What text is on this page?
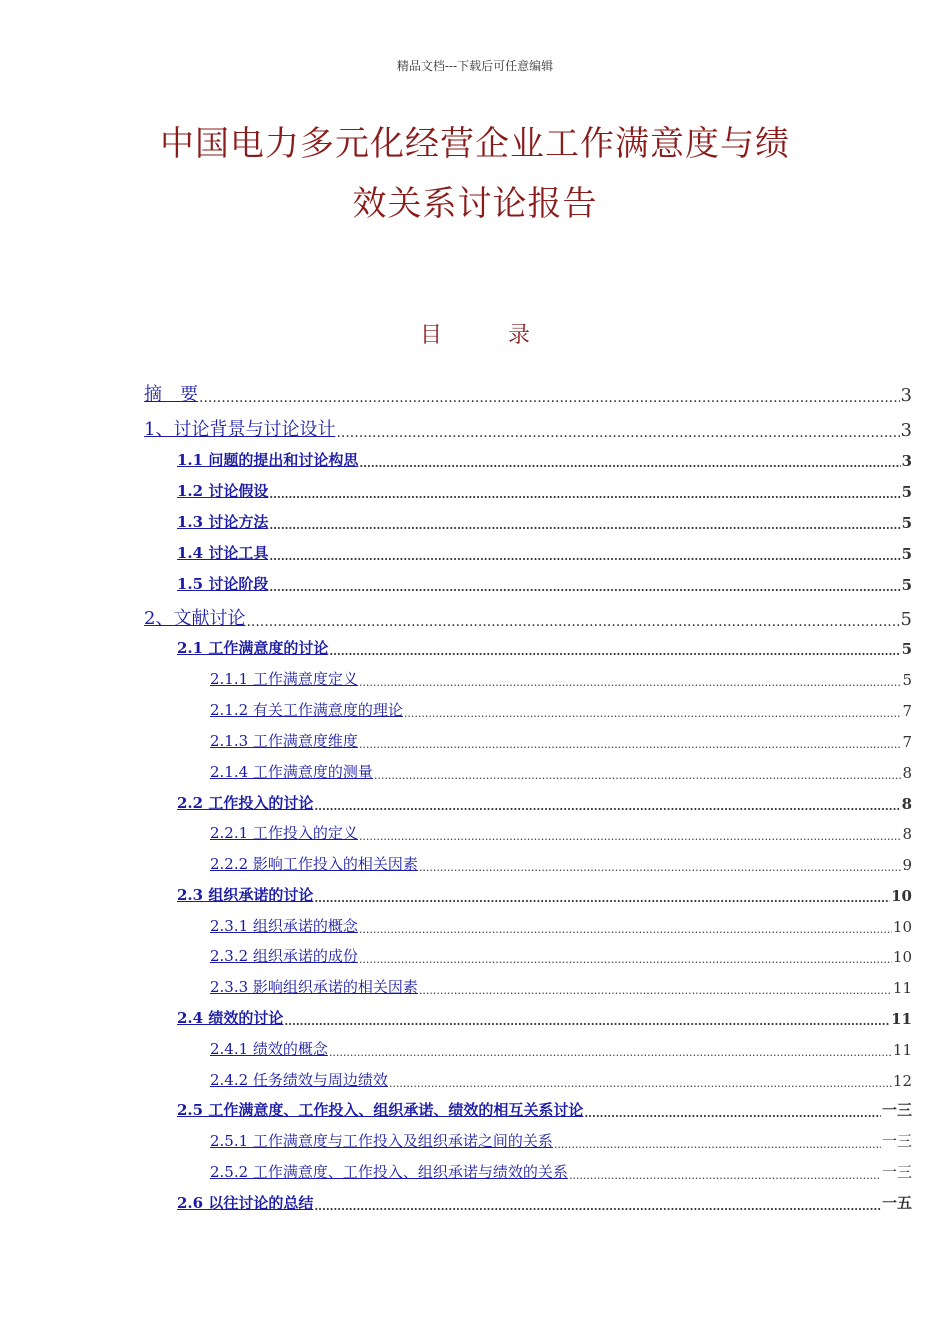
精品文档---下载后可任意编辑
中国电力多元化经营企业工作满意度与绩
效关系讨论报告
目　录
摘　要 .....	3
1、讨论背景与讨论设计 .....	3
1.1 问题的提出和讨论构思 .....	3
1.2 讨论假设 .....	5
1.3 讨论方法 .....	5
1.4 讨论工具 .....	5
1.5 讨论阶段 .....	5
2、文献讨论 .....	5
2.1 工作满意度的讨论 .....	5
2.1.1 工作满意度定义 .....	5
2.1.2 有关工作满意度的理论 .....	7
2.1.3 工作满意度维度 .....	7
2.1.4 工作满意度的测量 .....	8
2.2 工作投入的讨论 .....	8
2.2.1 工作投入的定义 .....	8
2.2.2 影响工作投入的相关因素 .....	9
2.3 组织承诺的讨论 .....	10
2.3.1 组织承诺的概念 .....	10
2.3.2 组织承诺的成份 .....	10
2.3.3 影响组织承诺的相关因素 .....	11
2.4 绩效的讨论 .....	11
2.4.1 绩效的概念 .....	11
2.4.2 任务绩效与周边绩效 .....	12
2.5 工作满意度、工作投入、组织承诺、绩效的相互关系讨论 .....	一三
2.5.1 工作满意度与工作投入及组织承诺之间的关系 .....	一三
2.5.2 工作满意度、工作投入、组织承诺与绩效的关系 .....	一三
2.6 以往讨论的总结 .....	一五
